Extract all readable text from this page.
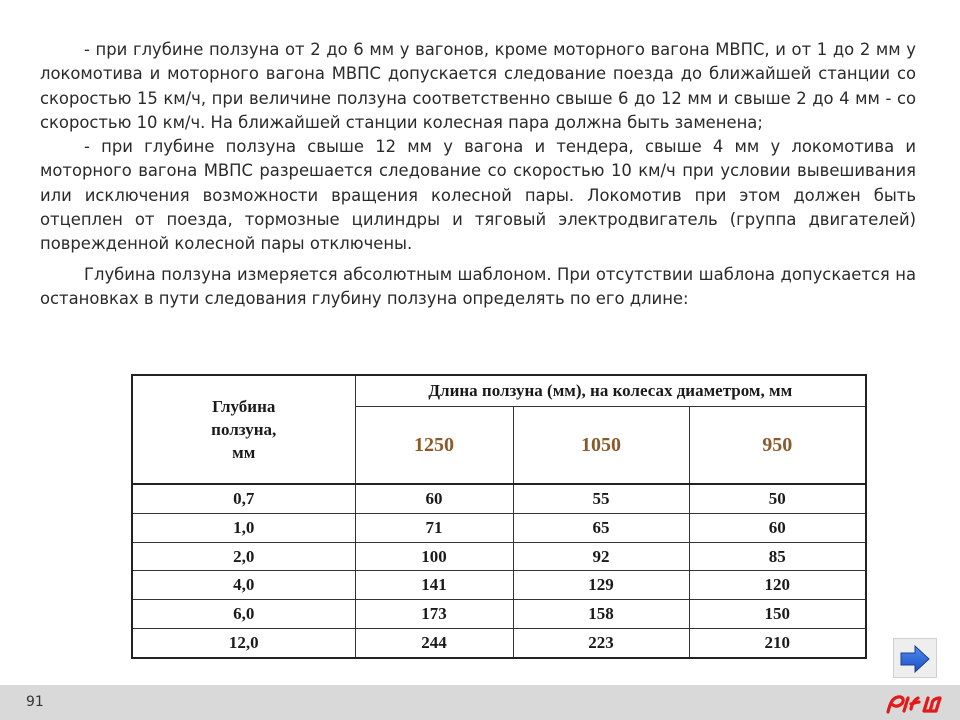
- при глубине ползуна от 2 до 6 мм у вагонов, кроме моторного вагона МВПС, и от 1 до 2 мм у локомотива и моторного вагона МВПС допускается следование поезда до ближайшей станции со скоростью 15 км/ч, при величине ползуна соответственно свыше 6 до 12 мм и свыше 2 до 4 мм - со скоростью 10 км/ч. На ближайшей станции колесная пара должна быть заменена;

- при глубине ползуна свыше 12 мм у вагона и тендера, свыше 4 мм у локомотива и моторного вагона МВПС разрешается следование со скоростью 10 км/ч при условии вывешивания или исключения возможности вращения колесной пары. Локомотив при этом должен быть отцеплен от поезда, тормозные цилиндры и тяговый электродвигатель (группа двигателей) поврежденной колесной пары отключены.

Глубина ползуна измеряется абсолютным шаблоном. При отсутствии шаблона допускается на остановках в пути следования глубину ползуна определять по его длине:

Глубина
ползуна,
мм	Длина ползуна (мм), на колесах диаметром, мм		
	1250	1050	950
0,7	60	55	50
1,0	71	65	60
2,0	100	92	85
4,0	141	129	120
6,0	173	158	150
12,0	244	223	210
91
